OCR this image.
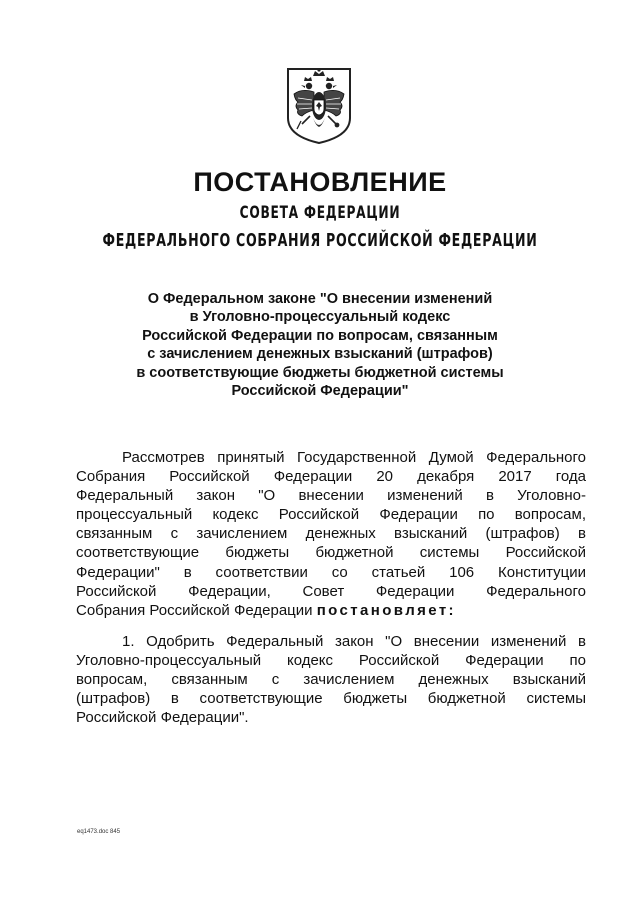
ПОСТАНОВЛЕНИЕ
СОВЕТА ФЕДЕРАЦИИ
ФЕДЕРАЛЬНОГО СОБРАНИЯ РОССИЙСКОЙ ФЕДЕРАЦИИ
О Федеральном законе "О внесении изменений
в Уголовно-процессуальный кодекс
Российской Федерации по вопросам, связанным
с зачислением денежных взысканий (штрафов)
в соответствующие бюджеты бюджетной системы
Российской Федерации"
Рассмотрев принятый Государственной Думой Федерального
Собрания Российской Федерации 20 декабря 2017 года
Федеральный закон "О внесении изменений в Уголовно-
процессуальный кодекс Российской Федерации по вопросам,
связанным с зачислением денежных взысканий (штрафов) в
соответствующие бюджеты бюджетной системы Российской
Федерации" в соответствии со статьей 106 Конституции
Российской Федерации, Совет Федерации Федерального
Собрания Российской Федерации постановляет:
1. Одобрить Федеральный закон "О внесении изменений в
Уголовно-процессуальный кодекс Российской Федерации по
вопросам, связанным с зачислением денежных взысканий
(штрафов) в соответствующие бюджеты бюджетной системы
Российской Федерации".
eq1473.doc 845
